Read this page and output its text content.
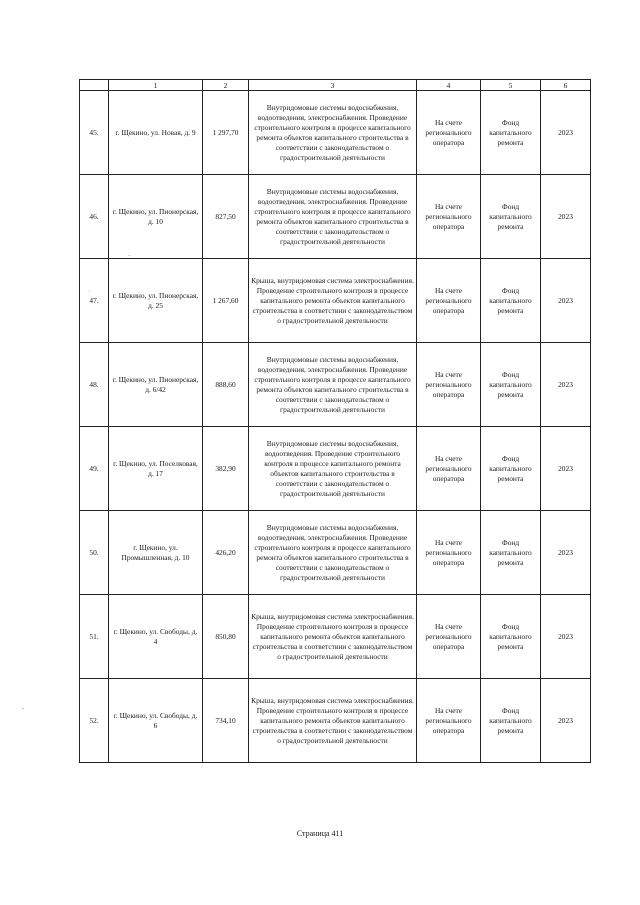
	1	2	3	4	5	6
45.	г. Щекино, ул. Новая, д. 9	1 297,70	Внутридомовые системы водоснабжения, водоотведения, электроснабжения. Проведение строительного контроля в процессе капитального ремонта объектов капитального строительства в соответствии с законодательством о градостроительной деятельности	На счете регионального оператора	Фонд капитального ремонта	2023
46.	г. Щекино, ул. Пионерская, д. 10	827,50	Внутридомовые системы водоснабжения, водоотведения, электроснабжения. Проведение строительного контроля в процессе капитального ремонта объектов капитального строительства в соответствии с законодательством о градостроительной деятельности	На счете регионального оператора	Фонд капитального ремонта	2023
47.	г. Щекино, ул. Пионерская, д. 25	1 267,60	Крыша, внутридомовая система электроснабжения. Проведение строительного контроля в процессе капитального ремонта объектов капитального строительства в соответствии с законодательством о градостроительной деятельности	На счете регионального оператора	Фонд капитального ремонта	2023
48.	г. Щекино, ул. Пионерская, д. 6/42	888,60	Внутридомовые системы водоснабжения, водоотведения, электроснабжения. Проведение строительного контроля в процессе капитального ремонта объектов капитального строительства в соответствии с законодательством о градостроительной деятельности	На счете регионального оператора	Фонд капитального ремонта	2023
49.	г. Щекино, ул. Поселковая, д. 17	382,90	Внутридомовые системы водоснабжения, водоотведения. Проведение строительного контроля в процессе капитального ремонта объектов капитального строительства в соответствии с законодательством о градостроительной деятельности	На счете регионального оператора	Фонд капитального ремонта	2023
50.	г. Щекино, ул. Промышленная, д. 10	426,20	Внутридомовые системы водоснабжения, водоотведения, электроснабжения. Проведение строительного контроля в процессе капитального ремонта объектов капитального строительства в соответствии с законодательством о градостроительной деятельности	На счете регионального оператора	Фонд капитального ремонта	2023
51.	г. Щекино, ул. Свободы, д. 4	850,80	Крыша, внутридомовая система электроснабжения. Проведение строительного контроля в процессе капитального ремонта объектов капитального строительства в соответствии с законодательством о градостроительной деятельности	На счете регионального оператора	Фонд капитального ремонта	2023
52.	г. Щекино, ул. Свободы, д. 6	734,10	Крыша, внутридомовая система электроснабжения. Проведение строительного контроля в процессе капитального ремонта объектов капитального строительства в соответствии с законодательством о градостроительной деятельности	На счете регионального оператора	Фонд капитального ремонта	2023
ˌ
`
·
Страница 411
